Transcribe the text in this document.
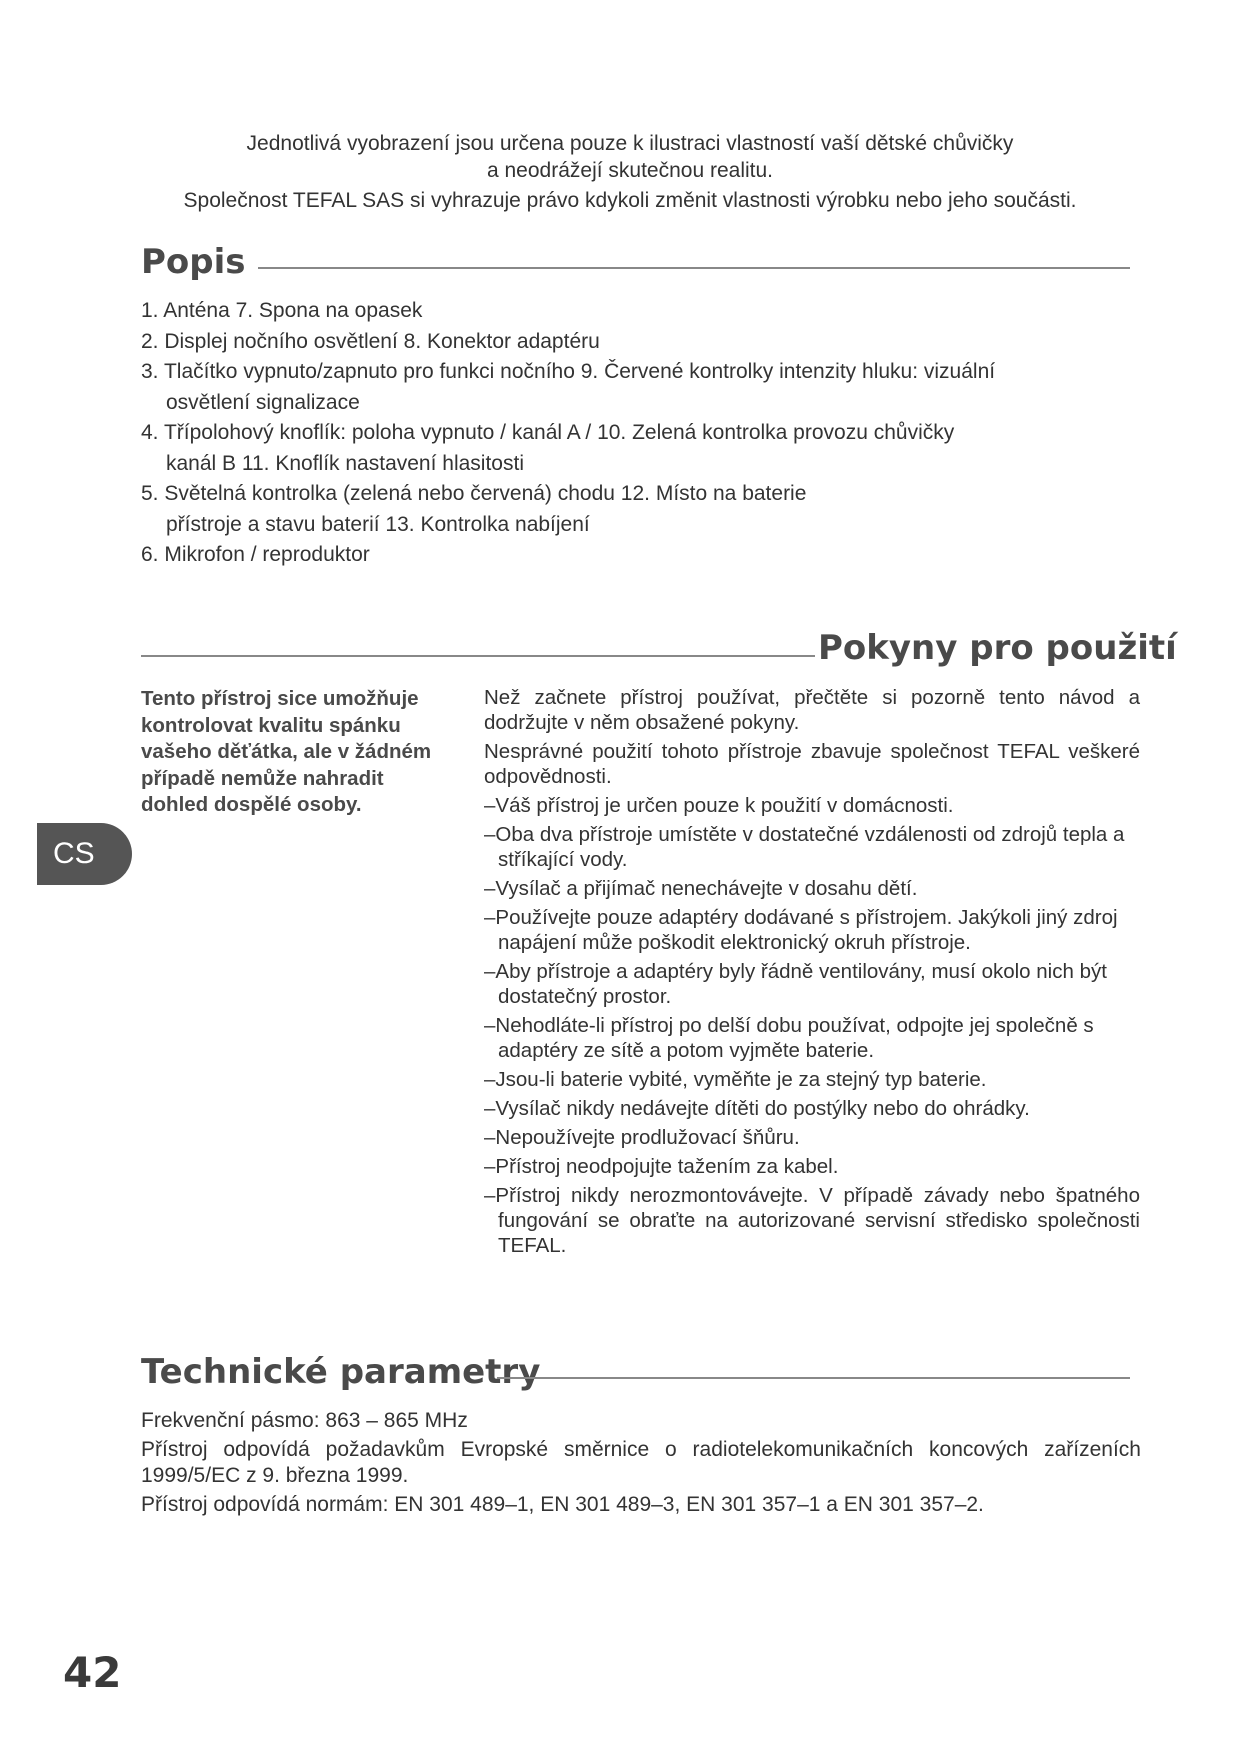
Jednotlivá vyobrazení jsou určena pouze k ilustraci vlastností vaší dětské chůvičky

a neodrážejí skutečnou realitu.

Společnost TEFAL SAS si vyhrazuje právo kdykoli změnit vlastnosti výrobku nebo jeho součásti.

Popis
1. Anténa 7. Spona na opasek
2. Displej nočního osvětlení 8. Konektor adaptéru
3. Tlačítko vypnuto/zapnuto pro funkci nočního 9. Červené kontrolky intenzity hluku: vizuální
osvětlení signalizace
4. Třípolohový knoflík: poloha vypnuto / kanál A / 10. Zelená kontrolka provozu chůvičky
kanál B 11. Knoflík nastavení hlasitosti
5. Světelná kontrolka (zelená nebo červená) chodu 12. Místo na baterie
přístroje a stavu baterií 13. Kontrolka nabíjení
6. Mikrofon / reproduktor
Pokyny pro použití
Tento přístroj sice umožňuje kontrolovat kvalitu spánku vašeho děťátka, ale v žádném případě nemůže nahradit dohled dospělé osoby.
CS
Než začnete přístroj používat, přečtěte si pozorně tento návod a dodržujte v něm obsažené pokyny.
Nesprávné použití tohoto přístroje zbavuje společnost TEFAL veškeré odpovědnosti.
–Váš přístroj je určen pouze k použití v domácnosti.
–Oba dva přístroje umístěte v dostatečné vzdálenosti od zdrojů tepla a stříkající vody.
–Vysílač a přijímač nenechávejte v dosahu dětí.
–Používejte pouze adaptéry dodávané s přístrojem. Jakýkoli jiný zdroj napájení může poškodit elektronický okruh přístroje.
–Aby přístroje a adaptéry byly řádně ventilovány, musí okolo nich být dostatečný prostor.
–Nehodláte-li přístroj po delší dobu používat, odpojte jej společně s adaptéry ze sítě a potom vyjměte baterie.
–Jsou-li baterie vybité, vyměňte je za stejný typ baterie.
–Vysílač nikdy nedávejte dítěti do postýlky nebo do ohrádky.
–Nepoužívejte prodlužovací šňůru.
–Přístroj neodpojujte tažením za kabel.
–Přístroj nikdy nerozmontovávejte. V případě závady nebo špatného fungování se obraťte na autorizované servisní středisko společnosti TEFAL.
Technické parametry

Frekvenční pásmo: 863 – 865 MHz

Přístroj odpovídá požadavkům Evropské směrnice o radiotelekomunikačních koncových zařízeních 1999/5/EC z 9. března 1999.

Přístroj odpovídá normám: EN 301 489–1, EN 301 489–3, EN 301 357–1 a EN 301 357–2.

42
